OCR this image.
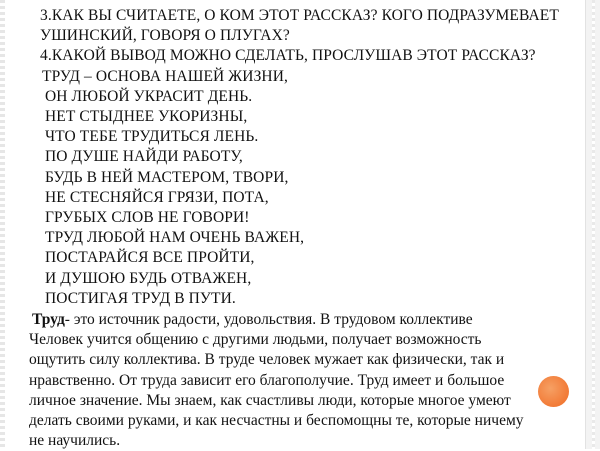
3.КАК ВЫ СЧИТАЕТЕ, О КОМ ЭТОТ РАССКАЗ? КОГО ПОДРАЗУМЕВАЕТ
УШИНСКИЙ, ГОВОРЯ О ПЛУГАХ?
4.КАКОЙ ВЫВОД МОЖНО СДЕЛАТЬ, ПРОСЛУШАВ ЭТОТ РАССКАЗ?
ТРУД – ОСНОВА НАШЕЙ ЖИЗНИ,
ОН ЛЮБОЙ УКРАСИТ ДЕНЬ.
НЕТ СТЫДНЕЕ УКОРИЗНЫ,
ЧТО ТЕБЕ ТРУДИТЬСЯ ЛЕНЬ.
ПО ДУШЕ НАЙДИ РАБОТУ,
БУДЬ В НЕЙ МАСТЕРОМ, ТВОРИ,
НЕ СТЕСНЯЙСЯ ГРЯЗИ, ПОТА,
ГРУБЫХ СЛОВ НЕ ГОВОРИ!
ТРУД ЛЮБОЙ НАМ ОЧЕНЬ ВАЖЕН,
ПОСТАРАЙСЯ ВСЕ ПРОЙТИ,
И ДУШОЮ БУДЬ ОТВАЖЕН,
ПОСТИГАЯ ТРУД В ПУТИ.
Труд- это источник радости, удовольствия. В трудовом коллективе
Человек учится общению с другими людьми, получает возможность
ощутить силу коллектива. В труде человек мужает как физически, так и
нравственно. От труда зависит его благополучие. Труд имеет и большое
личное значение. Мы знаем, как счастливы люди, которые многое умеют
делать своими руками, и как несчастны и беспомощны те, которые ничему
не научились.
